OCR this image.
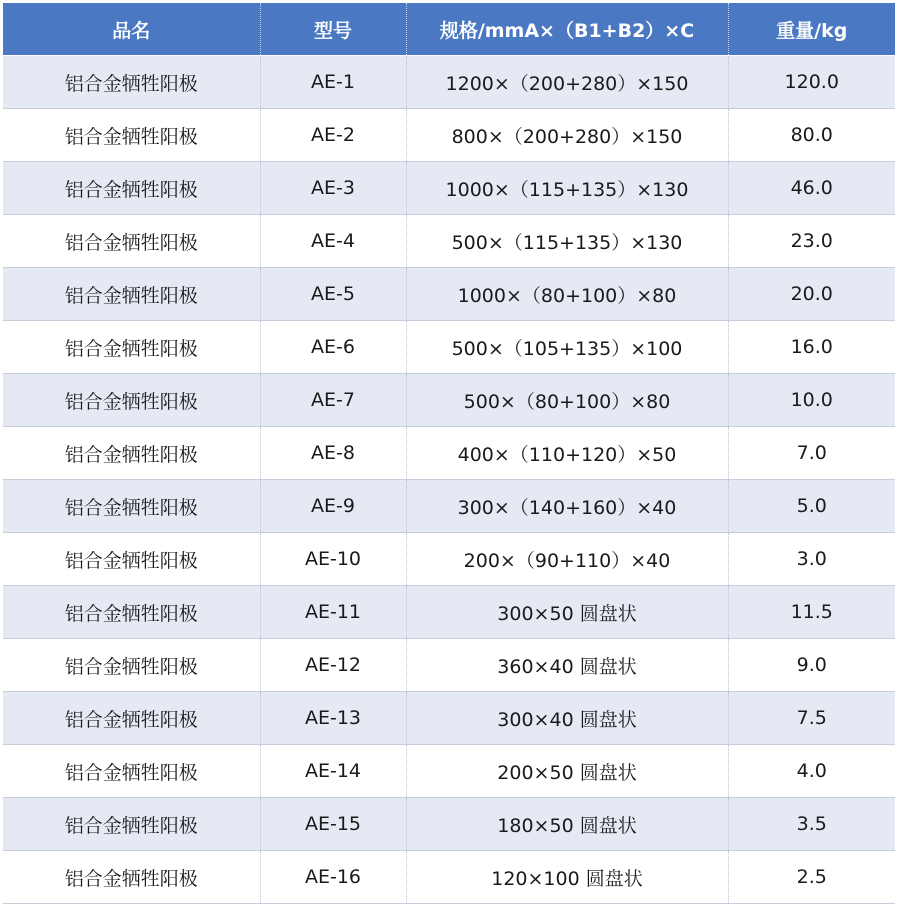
品名	型号	规格/mmA×（B1+B2）×C	重量/kg
铝合金牺牲阳极	AE-1	1200×（200+280）×150	120.0
铝合金牺牲阳极	AE-2	800×（200+280）×150	80.0
铝合金牺牲阳极	AE-3	1000×（115+135）×130	46.0
铝合金牺牲阳极	AE-4	500×（115+135）×130	23.0
铝合金牺牲阳极	AE-5	1000×（80+100）×80	20.0
铝合金牺牲阳极	AE-6	500×（105+135）×100	16.0
铝合金牺牲阳极	AE-7	500×（80+100）×80	10.0
铝合金牺牲阳极	AE-8	400×（110+120）×50	7.0
铝合金牺牲阳极	AE-9	300×（140+160）×40	5.0
铝合金牺牲阳极	AE-10	200×（90+110）×40	3.0
铝合金牺牲阳极	AE-11	300×50 圆盘状	11.5
铝合金牺牲阳极	AE-12	360×40 圆盘状	9.0
铝合金牺牲阳极	AE-13	300×40 圆盘状	7.5
铝合金牺牲阳极	AE-14	200×50 圆盘状	4.0
铝合金牺牲阳极	AE-15	180×50 圆盘状	3.5
铝合金牺牲阳极	AE-16	120×100 圆盘状	2.5
